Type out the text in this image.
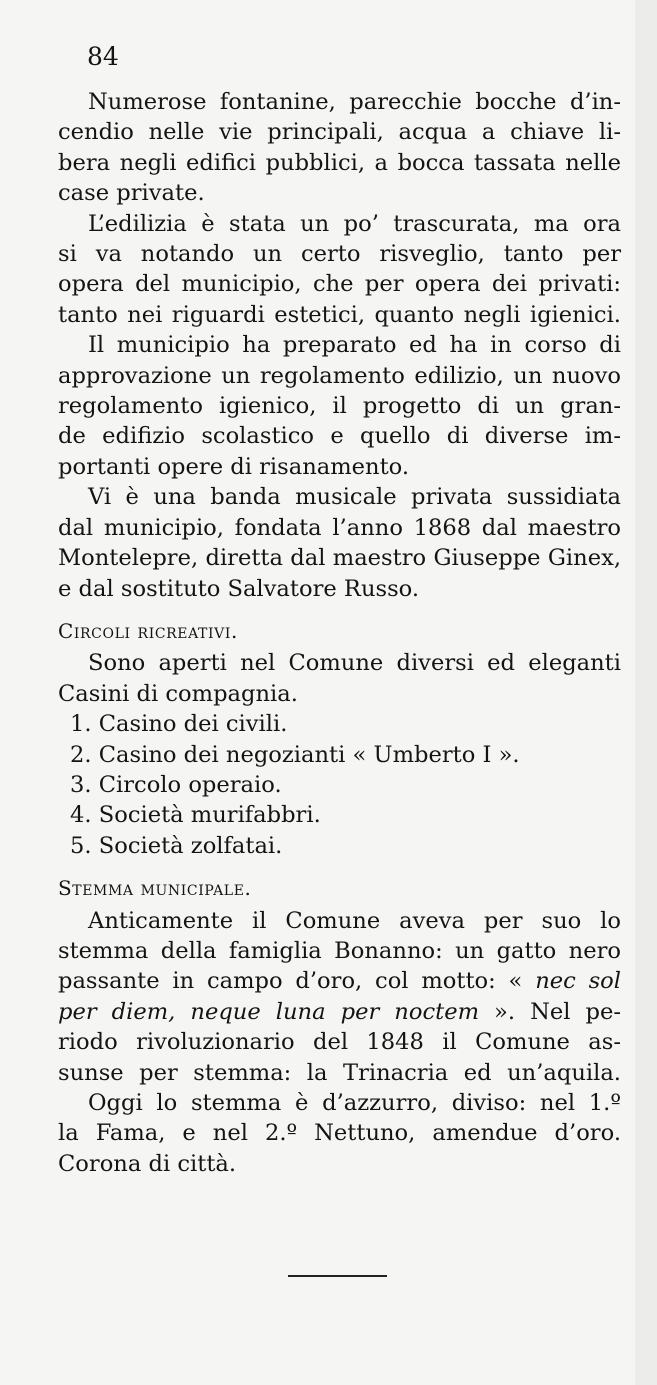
84
Numerose fontanine, parecchie bocche d’in-
cendio nelle vie principali, acqua a chiave li-
bera negli edifici pubblici, a bocca tassata nelle
case private.
L’edilizia è stata un po’ trascurata, ma ora
si va notando un certo risveglio, tanto per
opera del municipio, che per opera dei privati:
tanto nei riguardi estetici, quanto negli igienici.
Il municipio ha preparato ed ha in corso di
approvazione un regolamento edilizio, un nuovo
regolamento igienico, il progetto di un gran-
de edifizio scolastico e quello di diverse im-
portanti opere di risanamento.
Vi è una banda musicale privata sussidiata
dal municipio, fondata l’anno 1868 dal maestro
Montelepre, diretta dal maestro Giuseppe Ginex,
e dal sostituto Salvatore Russo.
Circoli ricreativi.
Sono aperti nel Comune diversi ed eleganti
Casini di compagnia.
1. Casino dei civili.
2. Casino dei negozianti « Umberto I ».
3. Circolo operaio.
4. Società murifabbri.
5. Società zolfatai.
Stemma municipale.
Anticamente il Comune aveva per suo lo
stemma della famiglia Bonanno: un gatto nero
passante in campo d’oro, col motto: « nec sol
per diem, neque luna per noctem ». Nel pe-
riodo rivoluzionario del 1848 il Comune as-
sunse per stemma: la Trinacria ed un’aquila.
Oggi lo stemma è d’azzurro, diviso: nel 1.º
la Fama, e nel 2.º Nettuno, amendue d’oro.
Corona di città.
